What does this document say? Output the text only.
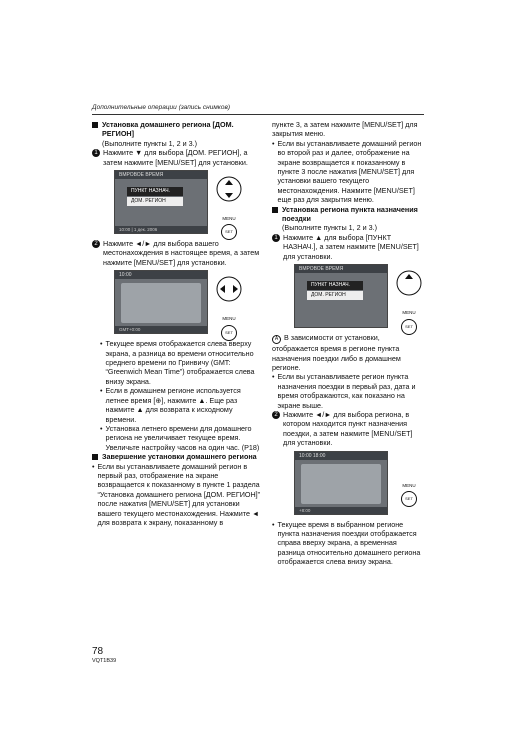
Дополнительные операции (запись снимков)
Установка домашнего региона [ДОМ. РЕГИОН]
(Выполните пункты 1, 2 и 3.)
1 Нажмите ▼ для выбора [ДОМ. РЕГИОН], а затем нажмите [MENU/SET] для установки.
ВМРОВОЕ ВРЕМЯ
ПУНКТ НАЗНАЧ.
ДОМ. РЕГИОН
10:00 | 1 дек. 2006
MENU
SET
2 Нажмите ◄/► для выбора вашего местонахождения в настоящее время, а затем нажмите [MENU/SET] для установки.
10:00
GMT+0:00
MENU
SET
• Текущее время отображается слева вверху экрана, а разница во времени относительно среднего времени по Гринвичу (GMT: “Greenwich Mean Time”) отображается слева внизу экрана.
• Если в домашнем регионе используется летнее время [⊕], нажмите ▲. Еще раз нажмите ▲ для возврата к исходному времени.
• Установка летнего времени для домашнего региона не увеличивает текущее время. Увеличьте настройку часов на один час. (P18)
Завершение установки домашнего региона
• Если вы устанавливаете домашний регион в первый раз, отображение на экране возвращается к показанному в пункте 1 раздела “Установка домашнего региона [ДОМ. РЕГИОН]” после нажатия [MENU/SET] для установки вашего текущего местонахождения. Нажмите ◄ для возврата к экрану, показанному в
пункте 3, а затем нажмите [MENU/SET] для закрытия меню.
• Если вы устанавливаете домашний регион во второй раз и далее, отображение на экране возвращается к показанному в пункте 3 после нажатия [MENU/SET] для установки вашего текущего местонахождения. Нажмите [MENU/SET] еще раз для закрытия меню.
Установка региона пункта назначения поездки
(Выполните пункты 1, 2 и 3.)
1 Нажмите ▲ для выбора [ПУНКТ НАЗНАЧ.], а затем нажмите [MENU/SET] для установки.
ВМРОВОЕ ВРЕМЯ
ПУНКТ НАЗНАЧ.
ДОМ. РЕГИОН
MENU
SET
A В зависимости от установки, отображается время в регионе пункта назначения поездки либо в домашнем регионе.
• Если вы устанавливаете регион пункта назначения поездки в первый раз, дата и время отображаются, как показано на экране выше.
2 Нажмите ◄/► для выбора региона, в котором находится пункт назначения поездки, а затем нажмите [MENU/SET] для установки.
10:00 18:00
+8:00
MENU
SET
• Текущее время в выбранном регионе пункта назначения поездки отображается справа вверху экрана, а временная разница относительно домашнего региона отображается слева внизу экрана.
78
VQT1B39
